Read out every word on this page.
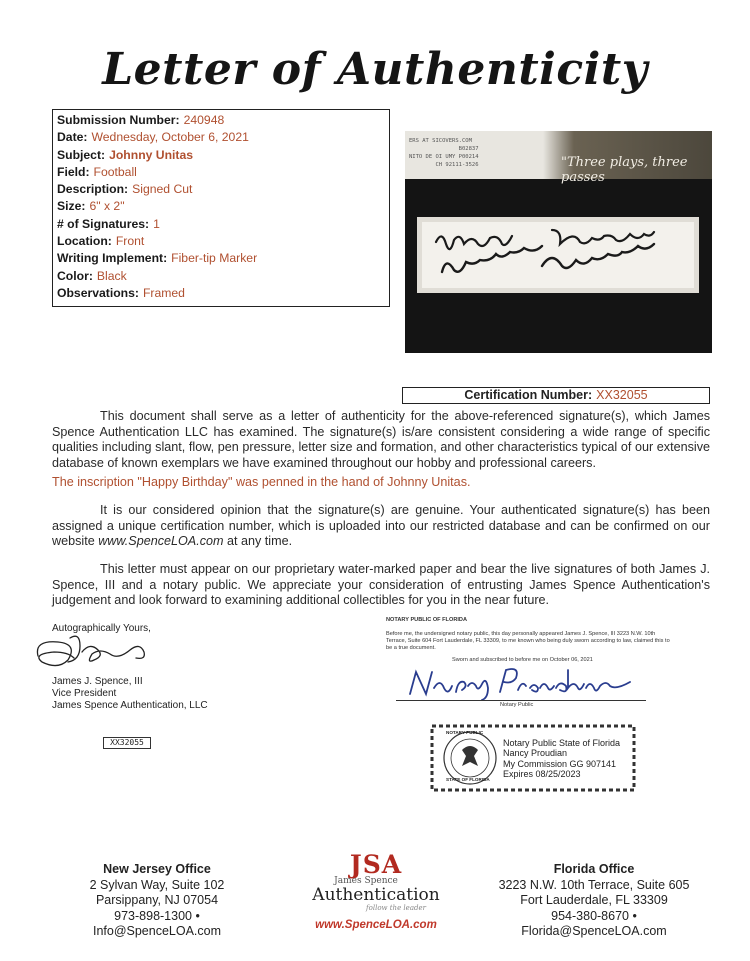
Letter of Authenticity
Submission Number: 240948
Date: Wednesday, October 6, 2021
Subject: Johnny Unitas
Field: Football
Description: Signed Cut
Size: 6" x 2"
# of Signatures: 1
Location: Front
Writing Implement: Fiber-tip Marker
Color: Black
Observations: Framed
ERS AT SICOVERS.COM
B02837
NITO DE OI UMY P00214
CH 92111-3526	"Three plays, three passes
Certification Number: XX32055
This document shall serve as a letter of authenticity for the above-referenced signature(s), which James Spence Authentication LLC has examined. The signature(s) is/are consistent considering a wide range of specific qualities including slant, flow, pen pressure, letter size and formation, and other characteristics typical of our extensive database of known exemplars we have examined throughout our hobby and professional careers.
The inscription "Happy Birthday" was penned in the hand of Johnny Unitas.
It is our considered opinion that the signature(s) are genuine. Your authenticated signature(s) has been assigned a unique certification number, which is uploaded into our restricted database and can be confirmed on our website www.SpenceLOA.com at any time.
This letter must appear on our proprietary water-marked paper and bear the live signatures of both James J. Spence, III and a notary public. We appreciate your consideration of entrusting James Spence Authentication's judgement and look forward to examining additional collectibles for you in the near future.
Autographically Yours,
James J. Spence, III
Vice President
James Spence Authentication, LLC
XX32055
NOTARY PUBLIC OF FLORIDA
Before me, the undersigned notary public, this day personally appeared James J. Spence, III 3223 N.W. 10th Terrace, Suite 604 Fort Lauderdale, FL 33309, to me known who being duly sworn according to law, claimed this to be a true document.
Sworn and subscribed to before me on October 06, 2021
Notary Public
NOTARY PUBLIC
STATE OF FLORIDA
Notary Public State of Florida
Nancy Proudian
My Commission GG 907141
Expires 08/25/2023
New Jersey Office
2 Sylvan Way, Suite 102
Parsippany, NJ 07054
973-898-1300 • Info@SpenceLOA.com
JSA
James Spence
Authentication
follow the leader
www.SpenceLOA.com
Florida Office
3223 N.W. 10th Terrace, Suite 605
Fort Lauderdale, FL 33309
954-380-8670 • Florida@SpenceLOA.com
